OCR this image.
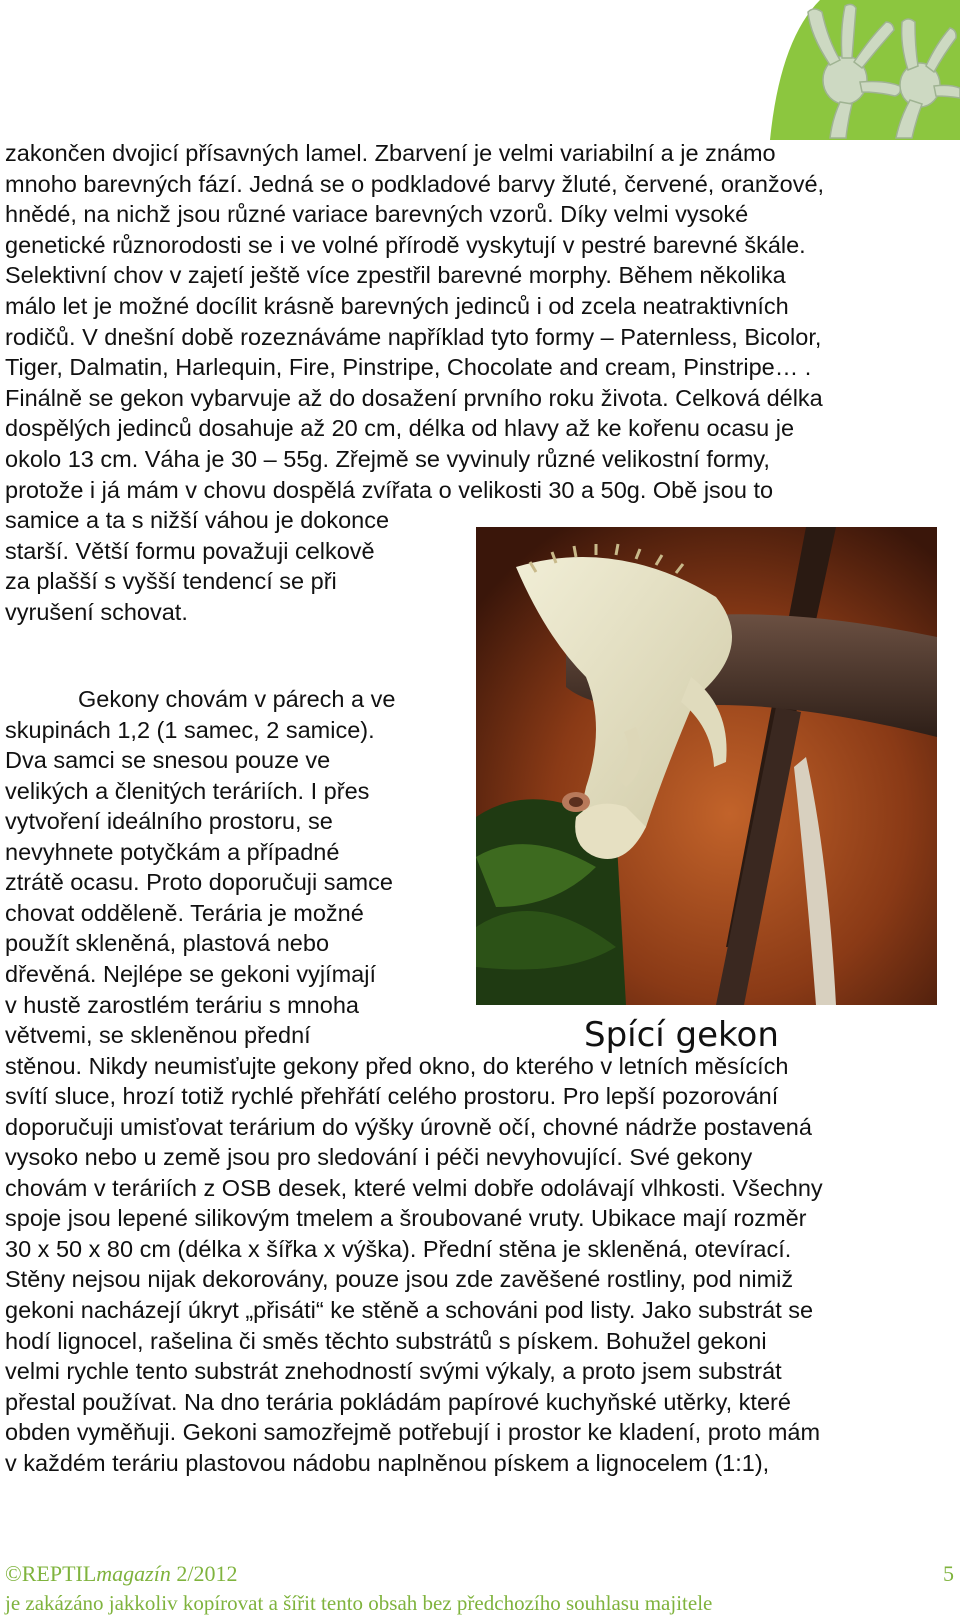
zakončen dvojicí přísavných lamel. Zbarvení je velmi variabilní a je známo
mnoho barevných fází. Jedná se o podkladové barvy žluté, červené, oranžové,
hnědé, na nichž jsou různé variace barevných vzorů. Díky velmi vysoké
genetické různorodosti se i ve volné přírodě vyskytují v pestré barevné škále.
Selektivní chov v zajetí ještě více zpestřil barevné morphy. Během několika
málo let je možné docílit krásně barevných jedinců i od zcela neatraktivních
rodičů. V dnešní době rozeznáváme například tyto formy – Paternless, Bicolor,
Tiger, Dalmatin, Harlequin, Fire, Pinstripe, Chocolate and cream, Pinstripe… .
Finálně se gekon vybarvuje až do dosažení prvního roku života. Celková délka
dospělých jedinců dosahuje až 20 cm, délka od hlavy až ke kořenu ocasu je
okolo 13 cm. Váha je 30 – 55g. Zřejmě se vyvinuly různé velikostní formy,
protože i já mám v chovu dospělá zvířata o velikosti 30 a 50g. Obě jsou to
samice a ta s nižší váhou je dokonce
starší. Větší formu považuji celkově
za plašší s vyšší tendencí se při
vyrušení schovat.
Gekony chovám v párech a ve
skupinách 1,2 (1 samec, 2 samice).
Dva samci se snesou pouze ve
velikých a členitých teráriích. I přes
vytvoření ideálního prostoru, se
nevyhnete potyčkám a případné
ztrátě ocasu. Proto doporučuji samce
chovat odděleně. Terária je možné
použít skleněná, plastová nebo
dřevěná. Nejlépe se gekoni vyjímají
v hustě zarostlém teráriu s mnoha
větvemi, se skleněnou přední
stěnou. Nikdy neumisťujte gekony před okno, do kterého v letních měsících
svítí sluce, hrozí totiž rychlé přehřátí celého prostoru. Pro lepší pozorování
doporučuji umisťovat terárium do výšky úrovně očí, chovné nádrže postavená
vysoko nebo u země jsou pro sledování i péči nevyhovující. Své gekony
chovám v teráriích z OSB desek, které velmi dobře odolávají vlhkosti. Všechny
spoje jsou lepené silikovým tmelem a šroubované vruty. Ubikace mají rozměr
30 x 50 x 80 cm (délka x šířka x výška). Přední stěna je skleněná, otevírací.
Stěny nejsou nijak dekorovány, pouze jsou zde zavěšené rostliny, pod nimiž
gekoni nacházejí úkryt „přisáti“ ke stěně a schováni pod listy. Jako substrát se
hodí lignocel, rašelina či směs těchto substrátů s pískem. Bohužel gekoni
velmi rychle tento substrát znehodností svými výkaly, a proto jsem substrát
přestal používat. Na dno terária pokládám papírové kuchyňské utěrky, které
obden vyměňuji. Gekoni samozřejmě potřebují i prostor ke kladení, proto mám
v každém teráriu plastovou nádobu naplněnou pískem a lignocelem (1:1),
Spící gekon
©REPTILmagazín 2/2012	5
je zakázáno jakkoliv kopírovat a šířit tento obsah bez předchozího souhlasu majitele
